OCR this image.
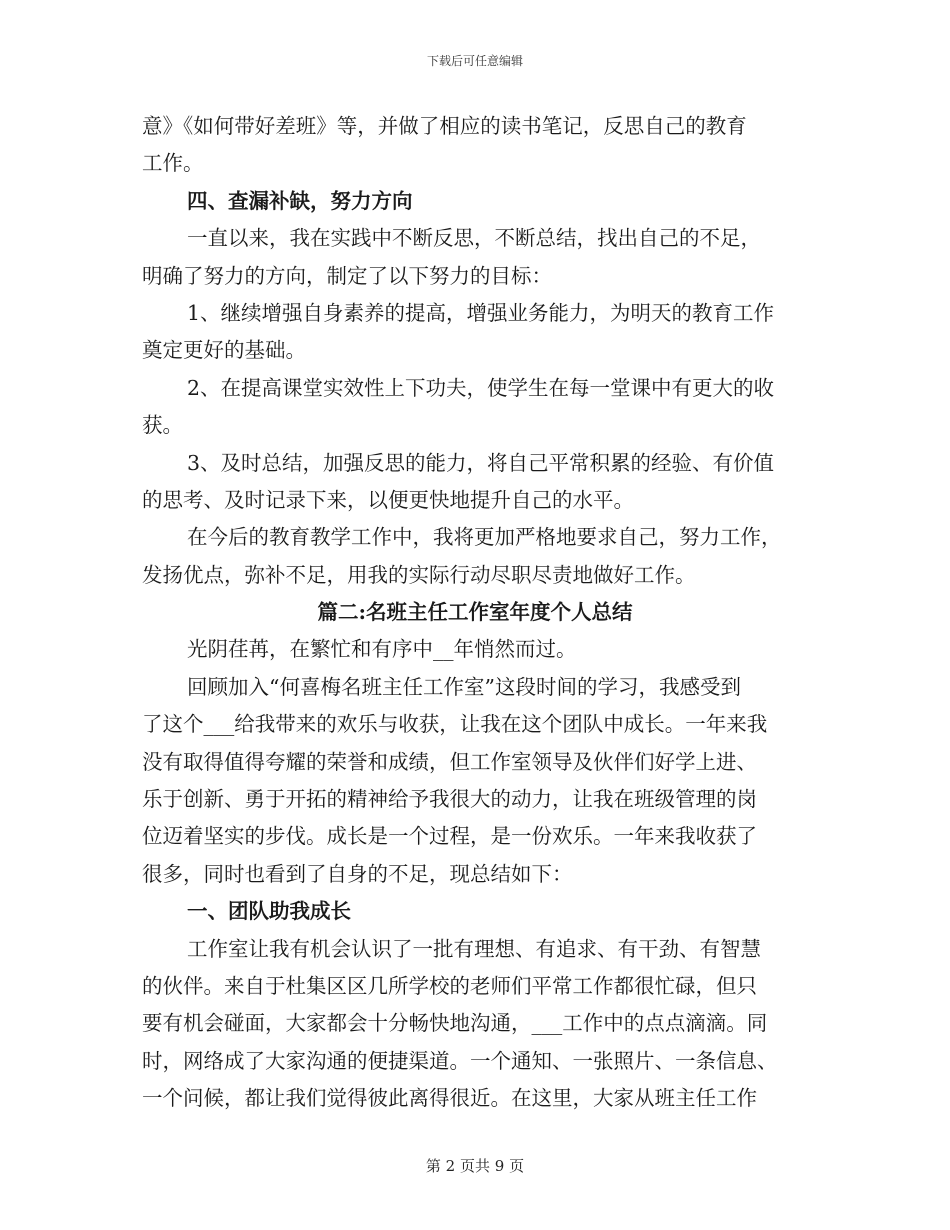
下载后可任意编辑
意》《如何带好差班》等，并做了相应的读书笔记，反思自己的教育
工作。
四、查漏补缺，努力方向
一直以来，我在实践中不断反思，不断总结，找出自己的不足，
明确了努力的方向，制定了以下努力的目标：
1、继续增强自身素养的提高，增强业务能力，为明天的教育工作
奠定更好的基础。
2、在提高课堂实效性上下功夫，使学生在每一堂课中有更大的收
获。
3、及时总结，加强反思的能力，将自己平常积累的经验、有价值
的思考、及时记录下来，以便更快地提升自己的水平。
在今后的教育教学工作中，我将更加严格地要求自己，努力工作，
发扬优点，弥补不足，用我的实际行动尽职尽责地做好工作。
篇二:名班主任工作室年度个人总结
光阴荏苒，在繁忙和有序中__年悄然而过。
回顾加入“何喜梅名班主任工作室”这段时间的学习，我感受到
了这个___给我带来的欢乐与收获，让我在这个团队中成长。一年来我
没有取得值得夸耀的荣誉和成绩，但工作室领导及伙伴们好学上进、
乐于创新、勇于开拓的精神给予我很大的动力，让我在班级管理的岗
位迈着坚实的步伐。成长是一个过程，是一份欢乐。一年来我收获了
很多，同时也看到了自身的不足，现总结如下：
一、团队助我成长
工作室让我有机会认识了一批有理想、有追求、有干劲、有智慧
的伙伴。来自于杜集区区几所学校的老师们平常工作都很忙碌，但只
要有机会碰面，大家都会十分畅快地沟通，___工作中的点点滴滴。同
时，网络成了大家沟通的便捷渠道。一个通知、一张照片、一条信息、
一个问候，都让我们觉得彼此离得很近。在这里，大家从班主任工作
第 2 页共 9 页
